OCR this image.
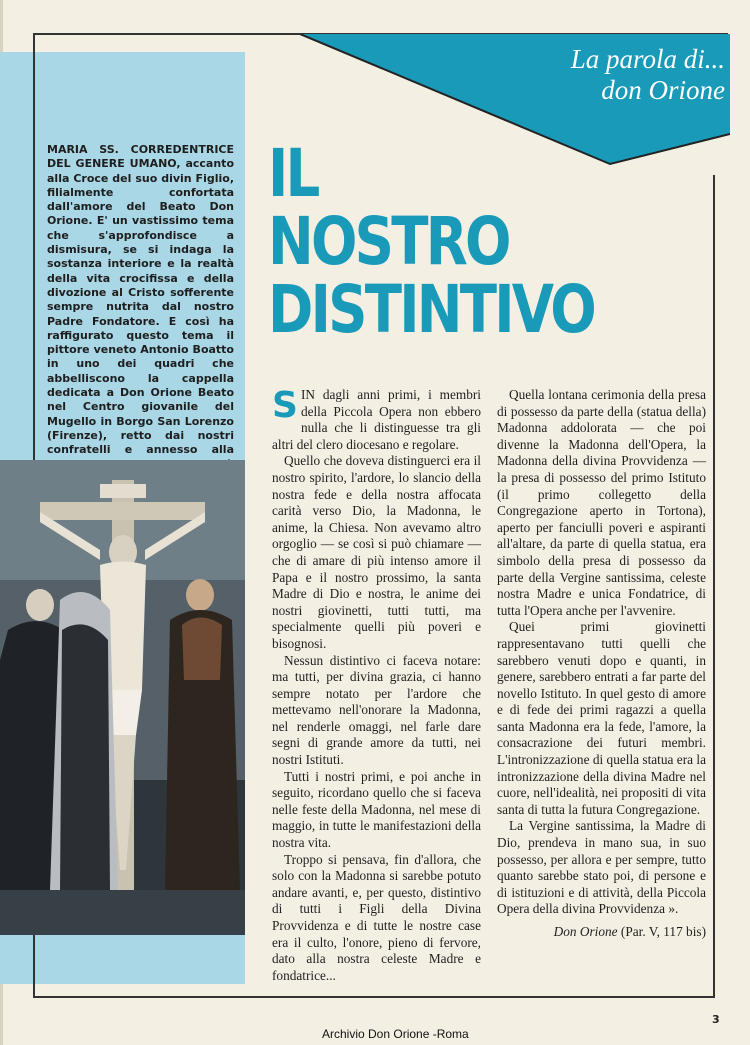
MARIA SS. CORREDENTRICE DEL GENERE UMANO, accanto alla Croce del suo divin Figlio, filialmente confortata dall'amore del Beato Don Orione. E' un vastissimo tema che s'approfondisce a dismisura, se si indaga la sostanza interiore e la realtà della vita crocifissa e della divozione al Cristo sofferente sempre nutrita dal nostro Padre Fondatore. E così ha raffigurato questo tema il pittore veneto Antonio Boatto in uno dei quadri che abbelliscono la cappella dedicata a Don Orione Beato nel Centro giovanile del Mugello in Borgo San Lorenzo (Firenze), retto dai nostri confratelli e annesso alla
La parola di...
don Orione
IL
NOSTRO
DISTINTIVO

SIN dagli anni primi, i membri della Piccola Opera non ebbero nulla che li distinguesse tra gli altri del clero diocesano e regolare.

Quello che doveva distinguerci era il nostro spirito, l'ardore, lo slancio della nostra fede e della nostra affocata carità verso Dio, la Madonna, le anime, la Chiesa. Non avevamo altro orgoglio — se così si può chiamare — che di amare di più intenso amore il Papa e il nostro prossimo, la santa Madre di Dio e nostra, le anime dei nostri giovinetti, tutti tutti, ma specialmente quelli più poveri e bisognosi.

Nessun distintivo ci faceva notare: ma tutti, per divina grazia, ci hanno sempre notato per l'ardore che mettevamo nell'onorare la Madonna, nel renderle omaggi, nel farle dare segni di grande amore da tutti, nei nostri Istituti.

Tutti i nostri primi, e poi anche in seguito, ricordano quello che si faceva nelle feste della Madonna, nel mese di maggio, in tutte le manifestazioni della nostra vita.

Troppo si pensava, fin d'allora, che solo con la Madonna si sarebbe potuto andare avanti, e, per questo, distintivo di tutti i Figli della Divina Provvidenza e di tutte le nostre case era il culto, l'onore, pieno di fervore, dato alla nostra celeste Madre e fondatrice...

Quella lontana cerimonia della presa di possesso da parte della (statua della) Madonna addolorata — che poi divenne la Madonna dell'Opera, la Madonna della divina Provvidenza — la presa di possesso del primo Istituto (il primo collegetto della Congregazione aperto in Tortona), aperto per fanciulli poveri e aspiranti all'altare, da parte di quella statua, era simbolo della presa di possesso da parte della Vergine santissima, celeste nostra Madre e unica Fondatrice, di tutta l'Opera anche per l'avvenire.

Quei primi giovinetti rappresentavano tutti quelli che sarebbero venuti dopo e quanti, in genere, sarebbero entrati a far parte del novello Istituto. In quel gesto di amore e di fede dei primi ragazzi a quella santa Madonna era la fede, l'amore, la consacrazione dei futuri membri. L'intronizzazione di quella statua era la intronizzazione della divina Madre nel cuore, nell'idealità, nei propositi di vita santa di tutta la futura Congregazione.

La Vergine santissima, la Madre di Dio, prendeva in mano sua, in suo possesso, per allora e per sempre, tutto quanto sarebbe stato poi, di persone e di istituzioni e di attività, della Piccola Opera della divina Provvidenza ».

Don Orione (Par. V, 117 bis)
3
Archivio Don Orione -Roma
